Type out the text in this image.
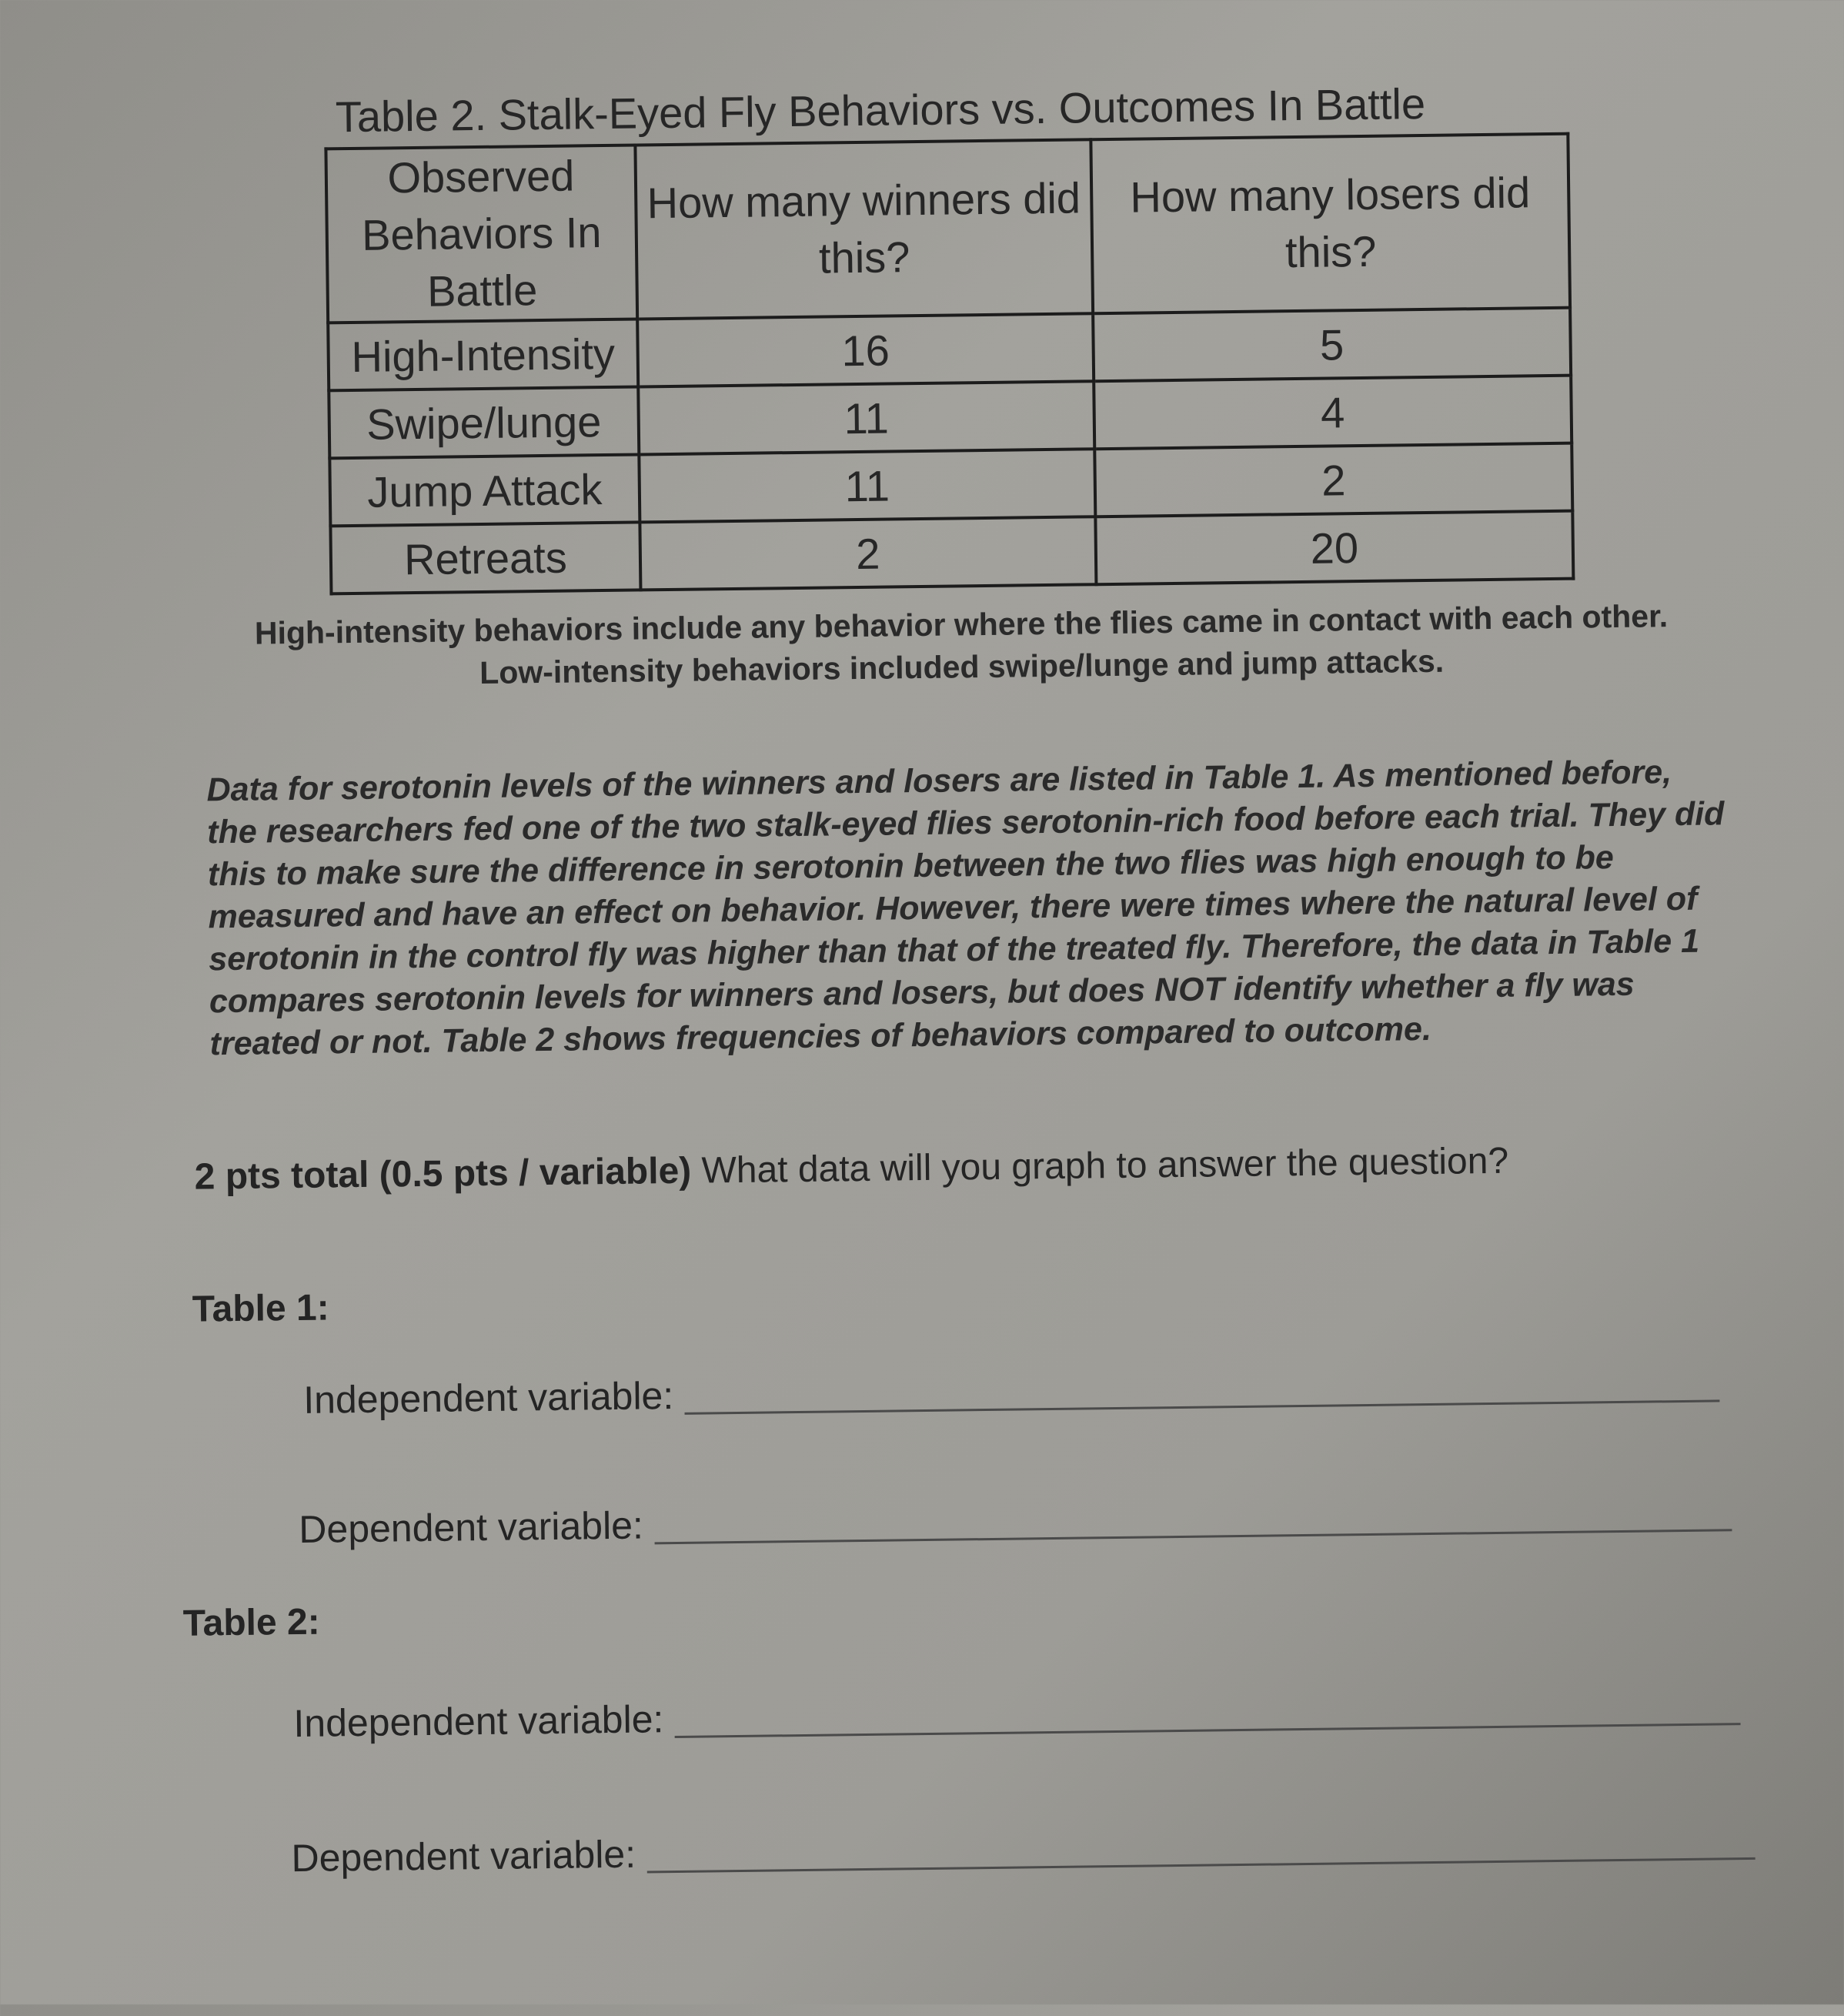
Table 2. Stalk-Eyed Fly Behaviors vs. Outcomes In Battle
Observed Behaviors In Battle	How many winners did this?	How many losers did this?
High-Intensity	16	5
Swipe/lunge	11	4
Jump Attack	11	2
Retreats	2	20

High-intensity behaviors include any behavior where the flies came in contact with each other.

Low-intensity behaviors included swipe/lunge and jump attacks.

Data for serotonin levels of the winners and losers are listed in Table 1. As mentioned before, the researchers fed one of the two stalk-eyed flies serotonin-rich food before each trial. They did this to make sure the difference in serotonin between the two flies was high enough to be measured and have an effect on behavior. However, there were times where the natural level of serotonin in the control fly was higher than that of the treated fly. Therefore, the data in Table 1 compares serotonin levels for winners and losers, but does NOT identify whether a fly was treated or not. Table 2 shows frequencies of behaviors compared to outcome.

2 pts total (0.5 pts / variable) What data will you graph to answer the question?
Table 1:
Independent variable:
Dependent variable:
Table 2:
Independent variable:
Dependent variable:
